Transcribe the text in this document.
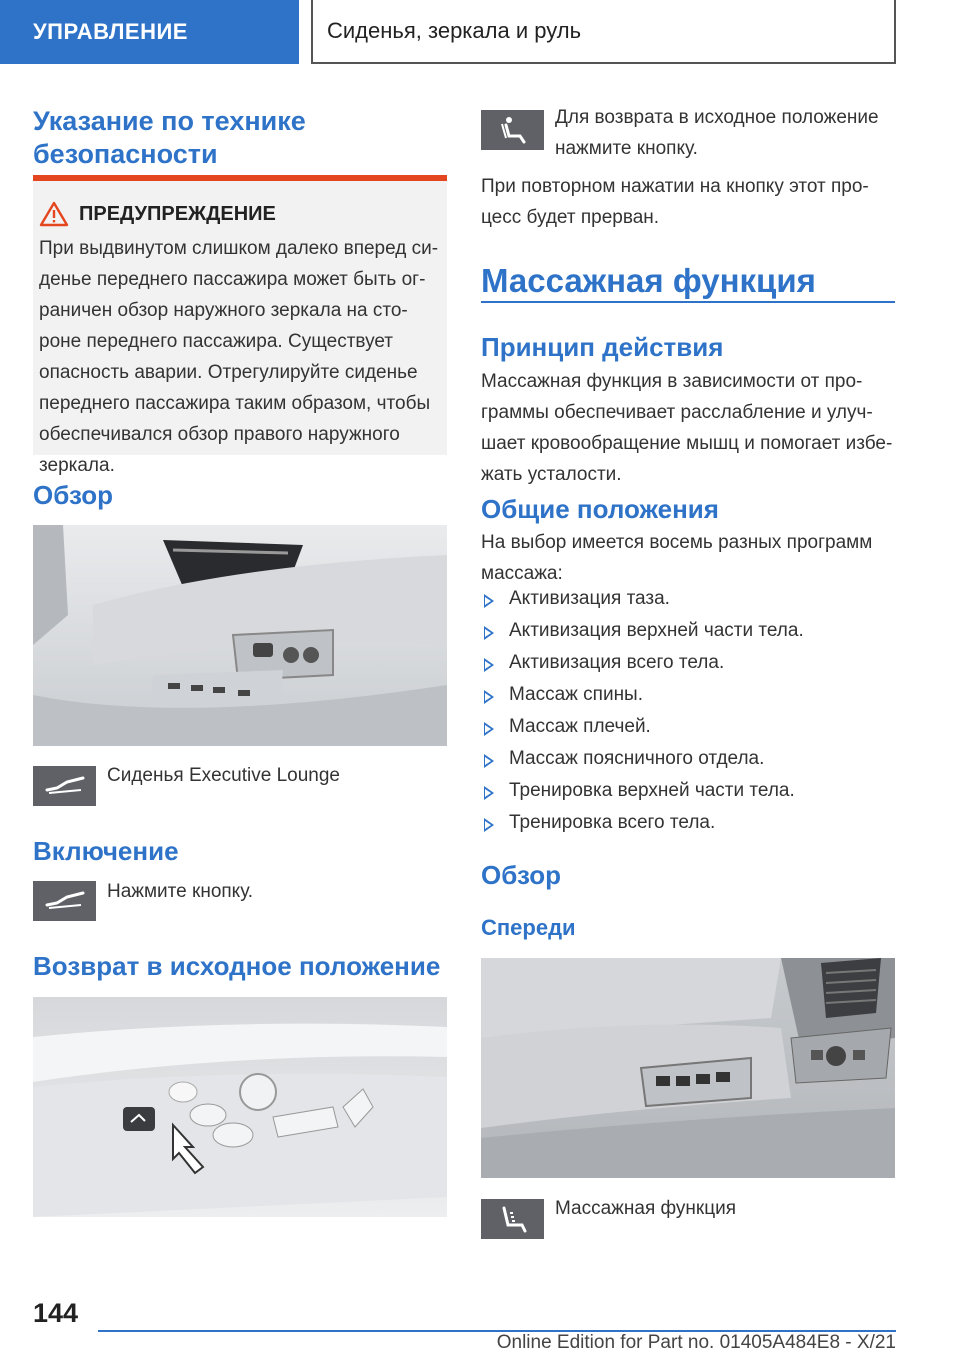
УПРАВЛЕНИЕ	Сиденья, зеркала и руль
Указание по технике
безопасности
ПРЕДУПРЕЖДЕНИЕ
При выдвинутом слишком далеко вперед си-
денье переднего пассажира может быть ог-
раничен обзор наружного зеркала на сто-
роне переднего пассажира. Существует
опасность аварии. Отрегулируйте сиденье
переднего пассажира таким образом, чтобы
обеспечивался обзор правого наружного
зеркала.
Обзор
Сиденья Executive Lounge
Включение
Нажмите кнопку.
Возврат в исходное положение
Для возврата в исходное положение
нажмите кнопку.
При повторном нажатии на кнопку этот про-
цесс будет прерван.
Массажная функция
Принцип действия
Массажная функция в зависимости от про-
граммы обеспечивает расслабление и улуч-
шает кровообращение мышц и помогает избе-
жать усталости.
Общие положения
На выбор имеется восемь разных программ
массажа:
Активизация таза.
Активизация верхней части тела.
Активизация всего тела.
Массаж спины.
Массаж плечей.
Массаж поясничного отдела.
Тренировка верхней части тела.
Тренировка всего тела.
Обзор
Спереди
Массажная функция
144
Online Edition for Part no. 01405A484E8 - X/21
